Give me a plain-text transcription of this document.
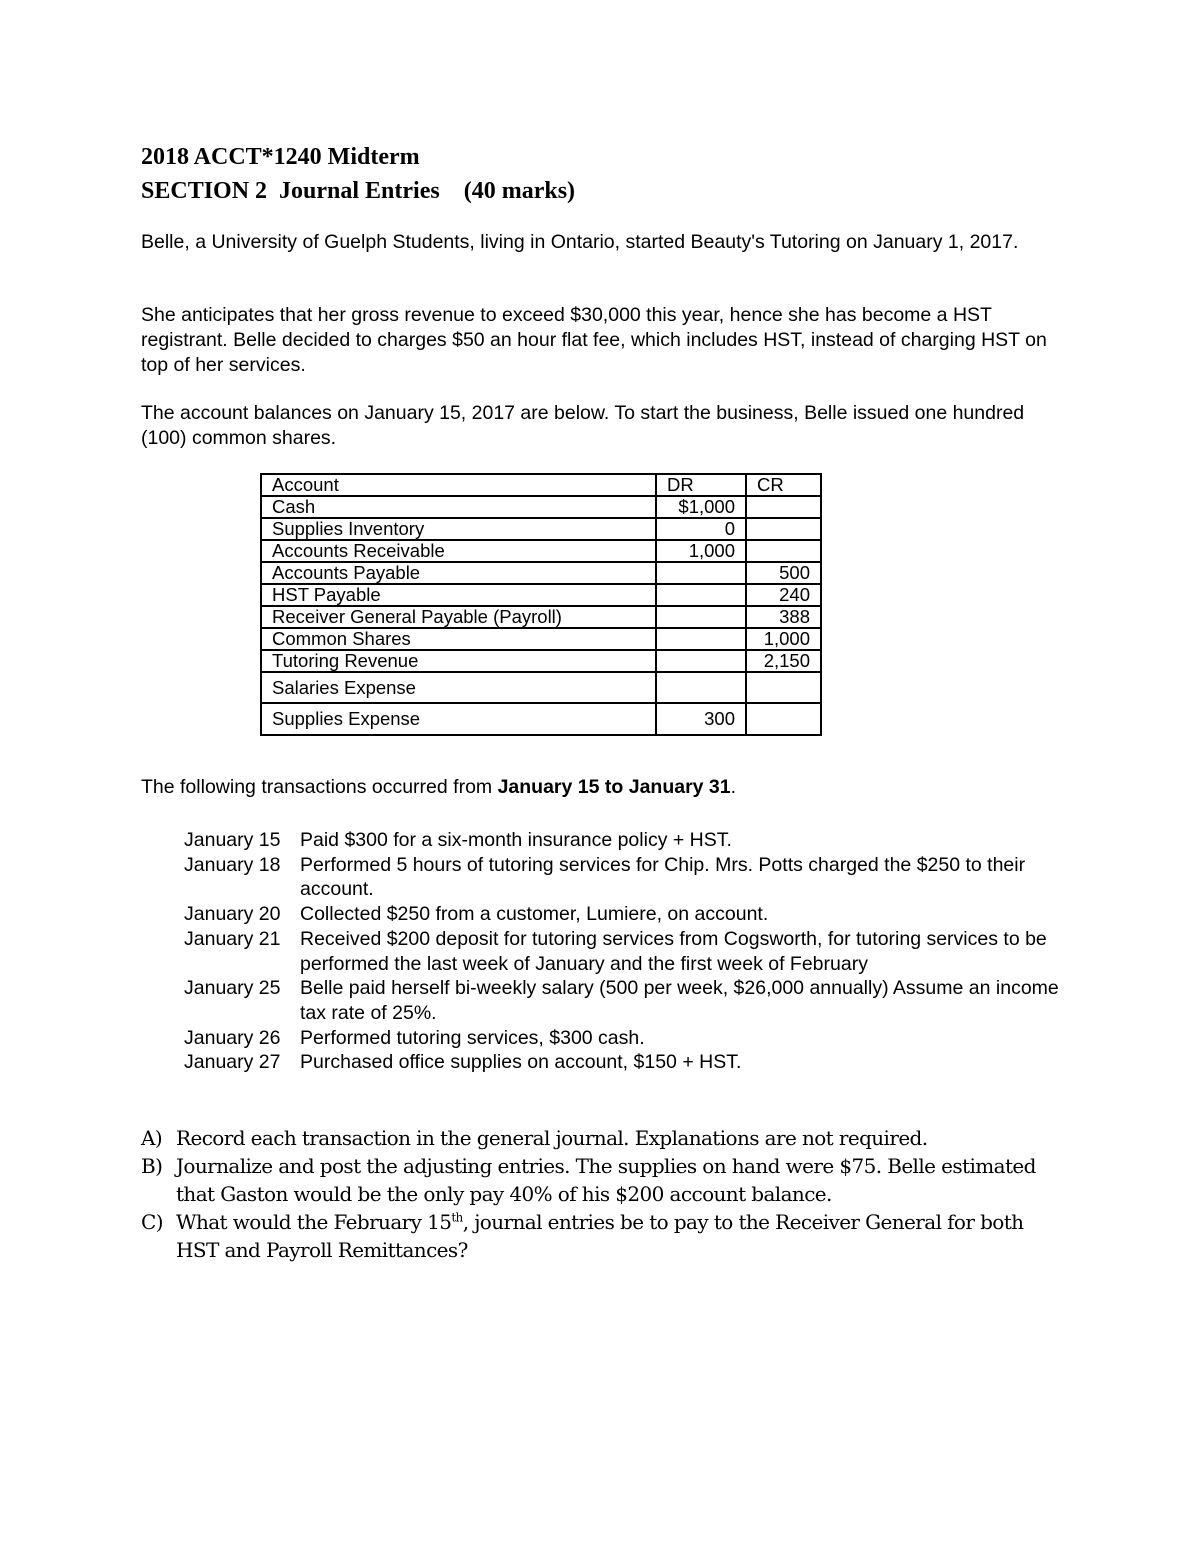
2018 ACCT*1240 Midterm
SECTION 2  Journal Entries    (40 marks)
Belle, a University of Guelph Students, living in Ontario, started Beauty's Tutoring on January 1, 2017.
She anticipates that her gross revenue to exceed $30,000 this year, hence she has become a HST registrant. Belle decided to charges $50 an hour flat fee, which includes HST, instead of charging HST on top of her services.
The account balances on January 15, 2017 are below. To start the business, Belle issued one hundred (100) common shares.
Account	DR	CR
Cash	$1,000	
Supplies Inventory	0	
Accounts Receivable	1,000	
Accounts Payable		500
HST Payable		240
Receiver General Payable (Payroll)		388
Common Shares		1,000
Tutoring Revenue		2,150
Salaries Expense		
Supplies Expense	300	
The following transactions occurred from January 15 to January 31.
January 15	Paid $300 for a six-month insurance policy + HST.
January 18	Performed 5 hours of tutoring services for Chip. Mrs. Potts charged the $250 to their account.
January 20	Collected $250 from a customer, Lumiere, on account.
January 21	Received $200 deposit for tutoring services from Cogsworth, for tutoring services to be performed the last week of January and the first week of February
January 25	Belle paid herself bi-weekly salary (500 per week, $26,000 annually) Assume an income tax rate of 25%.
January 26	Performed tutoring services, $300 cash.
January 27	Purchased office supplies on account, $150 + HST.
A) Record each transaction in the general journal. Explanations are not required.
B) Journalize and post the adjusting entries. The supplies on hand were $75. Belle estimated that Gaston would be the only pay 40% of his $200 account balance.
C) What would the February 15th, journal entries be to pay to the Receiver General for both HST and Payroll Remittances?
